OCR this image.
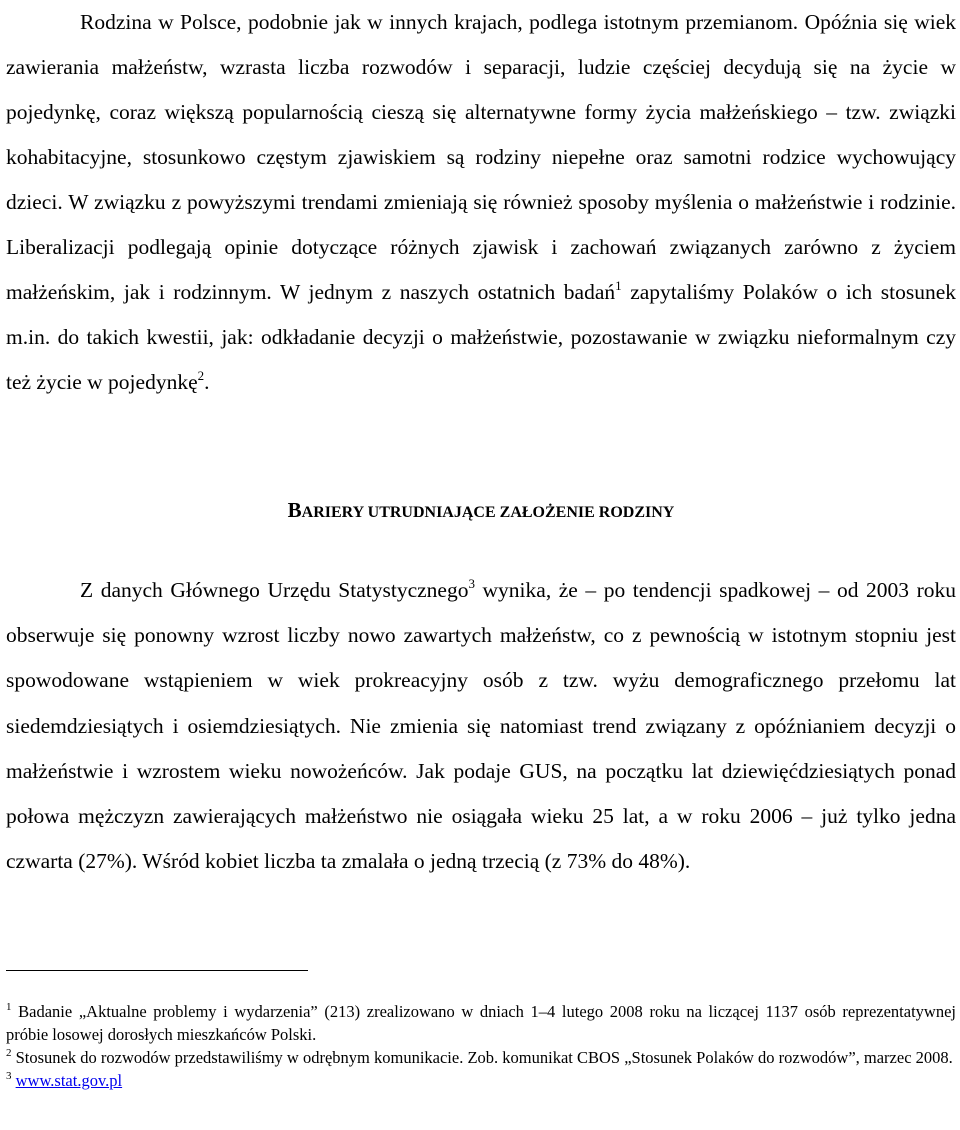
Rodzina w Polsce, podobnie jak w innych krajach, podlega istotnym przemianom. Opóźnia się wiek zawierania małżeństw, wzrasta liczba rozwodów i separacji, ludzie częściej decydują się na życie w pojedynkę, coraz większą popularnością cieszą się alternatywne formy życia małżeńskiego – tzw. związki kohabitacyjne, stosunkowo częstym zjawiskiem są rodziny niepełne oraz samotni rodzice wychowujący dzieci. W związku z powyższymi trendami zmieniają się również sposoby myślenia o małżeństwie i rodzinie. Liberalizacji podlegają opinie dotyczące różnych zjawisk i zachowań związanych zarówno z życiem małżeńskim, jak i rodzinnym. W jednym z naszych ostatnich badań$^1$ zapytaliśmy Polaków o ich stosunek m.in. do takich kwestii, jak: odkładanie decyzji o małżeństwie, pozostawanie w związku nieformalnym czy też życie w pojedynkę$^2$.

BARIERY UTRUDNIAJĄCE ZAŁOŻENIE RODZINY

Z danych Głównego Urzędu Statystycznego$^3$ wynika, że – po tendencji spadkowej – od 2003 roku obserwuje się ponowny wzrost liczby nowo zawartych małżeństw, co z pewnością w istotnym stopniu jest spowodowane wstąpieniem w wiek prokreacyjny osób z tzw. wyżu demograficznego przełomu lat siedemdziesiątych i osiemdziesiątych. Nie zmienia się natomiast trend związany z opóźnianiem decyzji o małżeństwie i wzrostem wieku nowożeńców. Jak podaje GUS, na początku lat dziewięćdziesiątych ponad połowa mężczyzn zawierających małżeństwo nie osiągała wieku 25 lat, a w roku 2006 – już tylko jedna czwarta (27%). Wśród kobiet liczba ta zmalała o jedną trzecią (z 73% do 48%).

$^1$ Badanie „Aktualne problemy i wydarzenia” (213) zrealizowano w dniach 1–4 lutego 2008 roku na liczącej 1137 osób reprezentatywnej próbie losowej dorosłych mieszkańców Polski.

$^2$ Stosunek do rozwodów przedstawiliśmy w odrębnym komunikacie. Zob. komunikat CBOS „Stosunek Polaków do rozwodów”, marzec 2008.

$^3$ www.stat.gov.pl
